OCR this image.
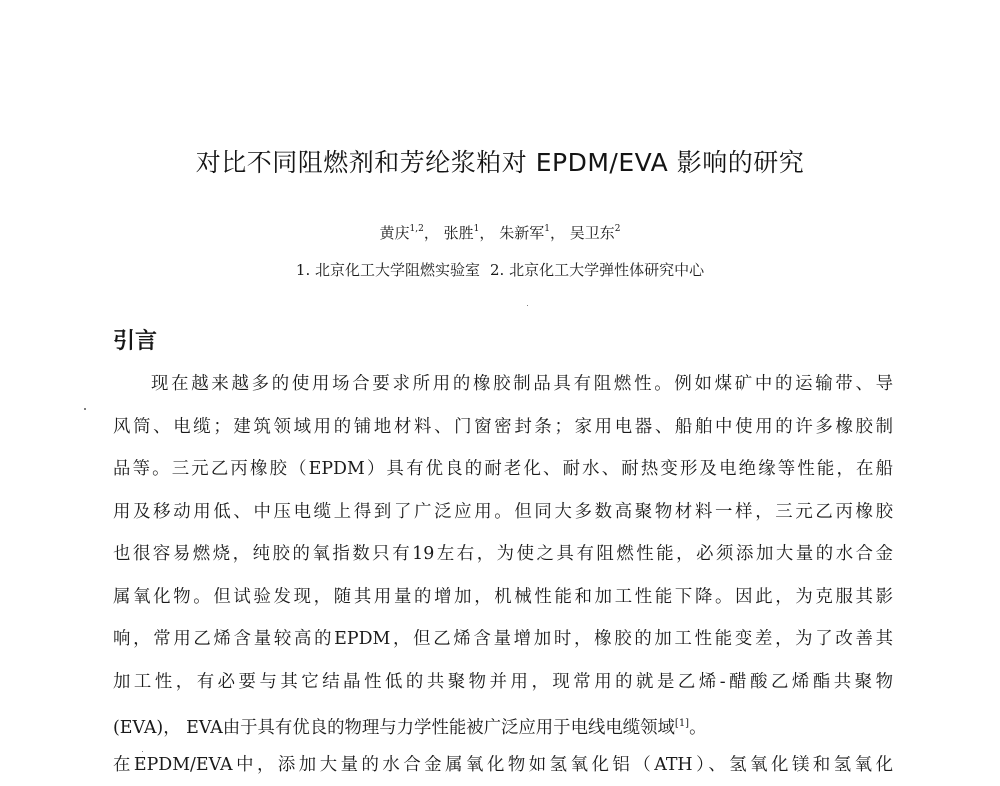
对比不同阻燃剂和芳纶浆粕对 EPDM/EVA 影响的研究
黄庆$^{1,2}$， 张胜$^1$， 朱新军$^1$， 吴卫东$^2$
1. 北京化工大学阻燃实验室 2. 北京化工大学弹性体研究中心
引言
现在越来越多的使用场合要求所用的橡胶制品具有阻燃性。例如煤矿中的运输带、导
风筒、电缆；建筑领域用的铺地材料、门窗密封条；家用电器、船舶中使用的许多橡胶制
品等。三元乙丙橡胶（EPDM）具有优良的耐老化、耐水、耐热变形及电绝缘等性能，在船
用及移动用低、中压电缆上得到了广泛应用。但同大多数高聚物材料一样，三元乙丙橡胶
也很容易燃烧，纯胶的氧指数只有19左右，为使之具有阻燃性能，必须添加大量的水合金
属氧化物。但试验发现，随其用量的增加，机械性能和加工性能下降。因此，为克服其影
响，常用乙烯含量较高的EPDM，但乙烯含量增加时，橡胶的加工性能变差，为了改善其
加工性，有必要与其它结晶性低的共聚物并用，现常用的就是乙烯-醋酸乙烯酯共聚物
(EVA)， EVA由于具有优良的物理与力学性能被广泛应用于电线电缆领域[1]。
在EPDM/EVA中，添加大量的水合金属氧化物如氢氧化铝（ATH）、氢氧化镁和氢氧化
